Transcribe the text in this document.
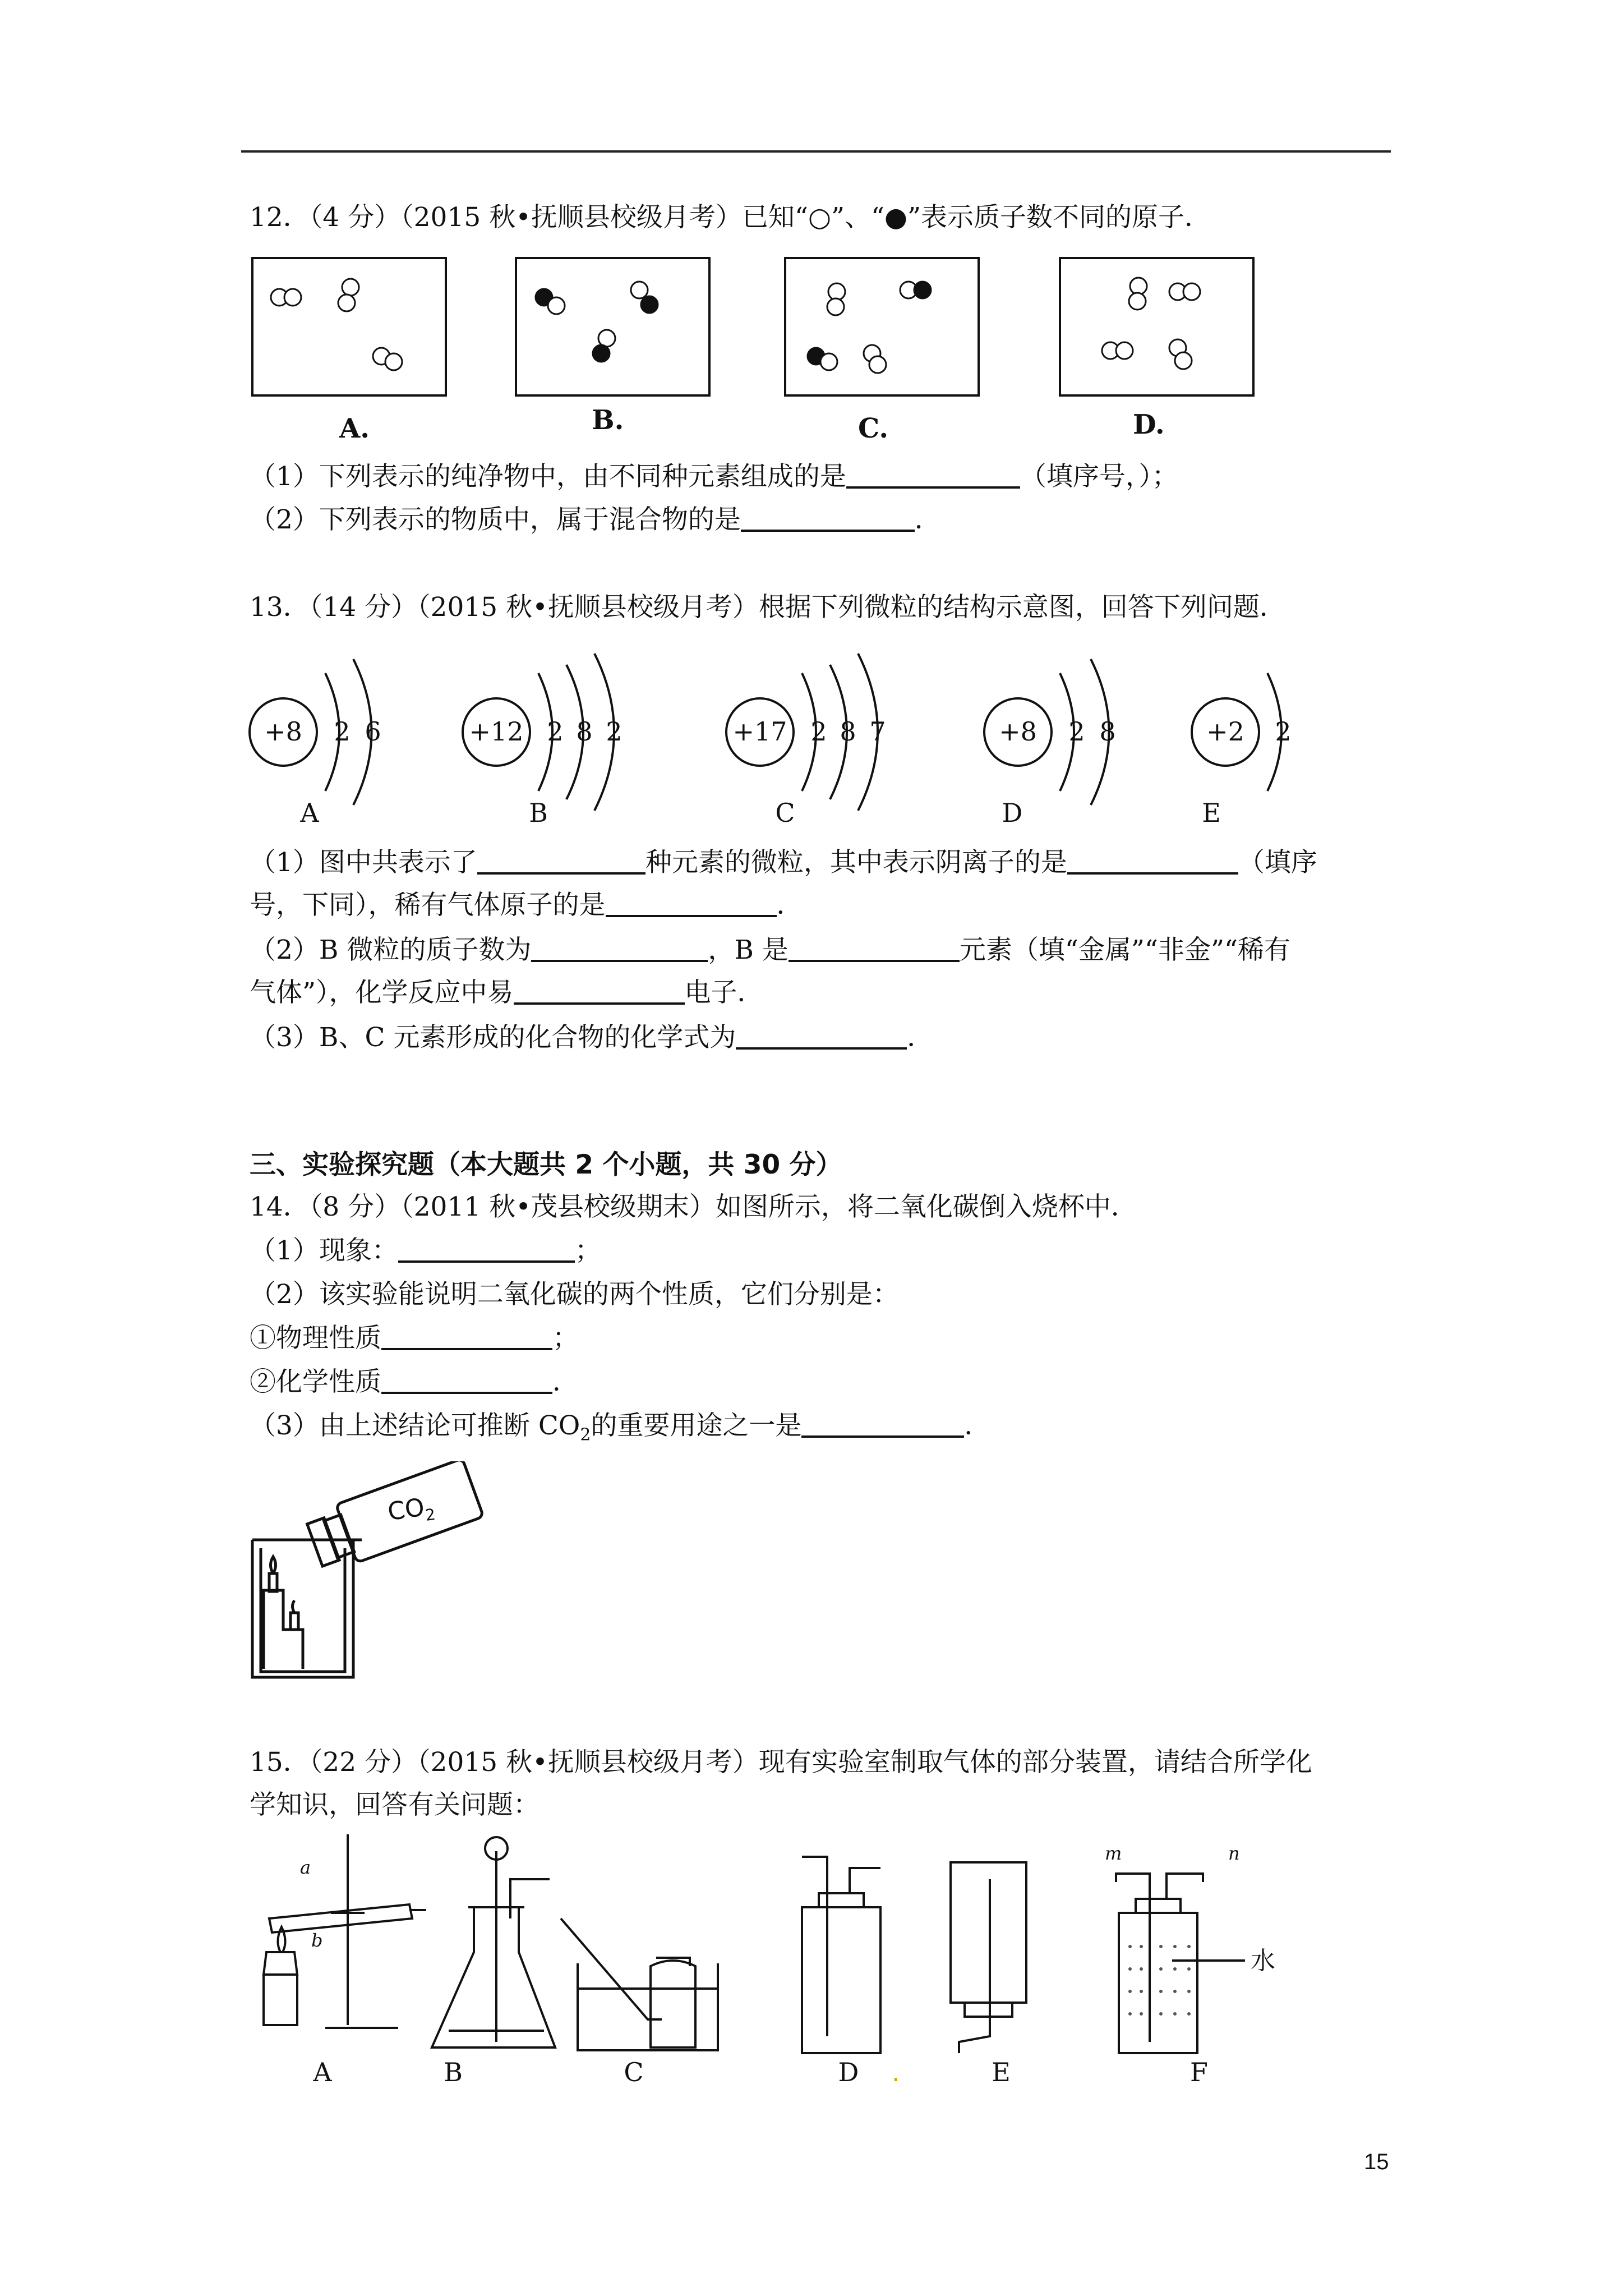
12．（4 分）（2015 秋•抚顺县校级月考）已知“○”、“●”表示质子数不同的原子．
A.	B.	C.	D.
（1）下列表示的纯净物中，由不同种元素组成的是	（填序号，）；
（2）下列表示的物质中，属于混合物的是	．
13．（14 分）（2015 秋•抚顺县校级月考）根据下列微粒的结构示意图，回答下列问题．
+8 2 6	+12 2 8 2	+17 2 8 7	+8 2 8	+2 2
A	B	C	D	E
（1）图中共表示了	种元素的微粒，其中表示阴离子的是	（填序
号，下同），稀有气体原子的是	．
（2）B 微粒的质子数为	，B 是	元素（填“金属”“非金”“稀有
气体”），化学反应中易	电子．
（3）B、C 元素形成的化合物的化学式为	．
三、实验探究题（本大题共 2 个小题，共 30 分）
14．（8 分）（2011 秋•茂县校级期末）如图所示，将二氧化碳倒入烧杯中．
（1）现象：	；
（2）该实验能说明二氧化碳的两个性质，它们分别是：
①物理性质	；
②化学性质	．
（3）由上述结论可推断 $CO_2$的重要用途之一是	．
$CO_2$
15．（22 分）（2015 秋•抚顺县校级月考）现有实验室制取气体的部分装置，请结合所学化
学知识，回答有关问题：
A	B	C	D	E	F
a
b
m	n
水
.
15
